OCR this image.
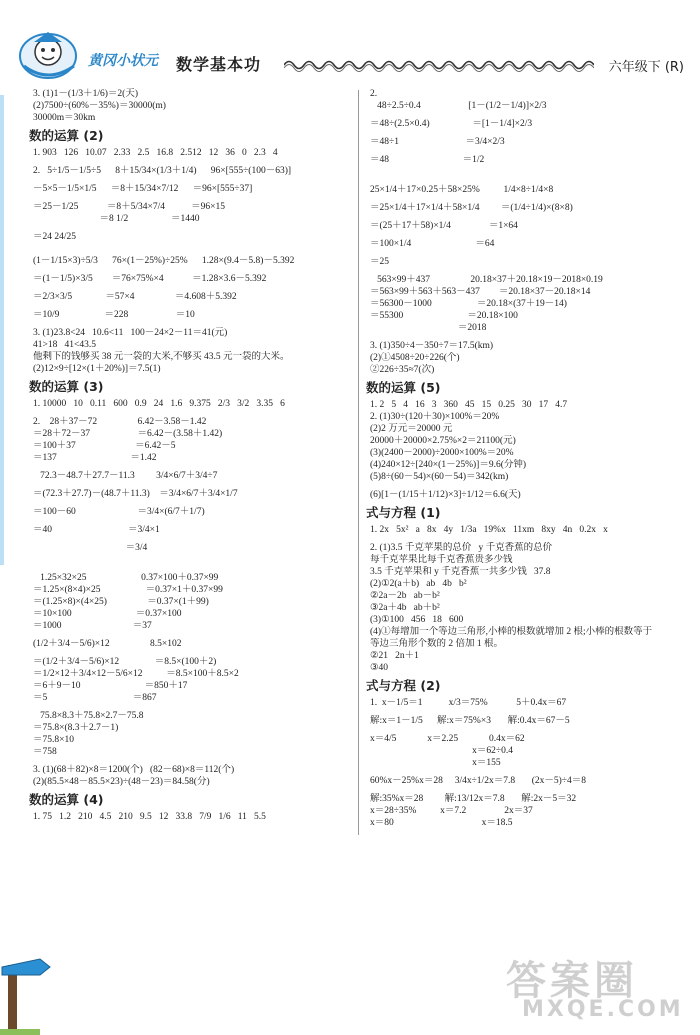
黄冈小状元 数学基本功	六年级下 (R)
3. (1)1－(1/3＋1/6)＝2(天)
(2)7500÷(60%－35%)＝30000(m)
30000m＝30km
数的运算 (2)
1. 903   126   10.07   2.33   2.5   16.8   2.512   12   36   0   2.3   4
2.   5÷1/5－1/5÷5      8＋15/34×(1/3＋1/4)      96×[555÷(100－63)]
－5×5－1/5×1/5      ＝8＋15/34×7/12      ＝96×[555÷37]
＝25－1/25            ＝8＋5/34×7/4           ＝96×15
＝8 1/2                  ＝1440
＝24 24/25
(1－1/15×3)÷5/3      76×(1－25%)÷25%      1.28×(9.4－5.8)－5.392
＝(1－1/5)×3/5        ＝76×75%×4            ＝1.28×3.6－5.392
＝2/3×3/5              ＝57×4                 ＝4.608＋5.392
＝10/9                   ＝228                    ＝10
3. (1)23.8<24   10.6<11   100－24×2－11＝41(元)
41>18   41<43.5
他剩下的钱够买 38 元一袋的大米,不够买 43.5 元一袋的大米。
(2)12×9÷[12×(1＋20%)]＝7.5(1)
数的运算 (3)
1. 10000   10   0.11   600   0.9   24   1.6   9.375   2/3   3/2   3.35   6
2.    28＋37－72                 6.42－3.58－1.42
＝28＋72－37                    ＝6.42－(3.58＋1.42)
＝100＋37                         ＝6.42－5
＝137                               ＝1.42
72.3－48.7＋27.7－11.3         3/4×6/7＋3/4÷7
＝(72.3＋27.7)－(48.7＋11.3)    ＝3/4×6/7＋3/4×1/7
＝100－60                          ＝3/4×(6/7＋1/7)
＝40                                ＝3/4×1
＝3/4
1.25×32×25                       0.37×100＋0.37×99
＝1.25×(8×4)×25                   ＝0.37×1＋0.37×99
＝(1.25×8)×(4×25)                 ＝0.37×(1＋99)
＝10×100                           ＝0.37×100
＝1000                              ＝37
(1/2＋3/4－5/6)×12                 8.5×102
＝(1/2＋3/4－5/6)×12               ＝8.5×(100＋2)
＝1/2×12＋3/4×12－5/6×12          ＝8.5×100＋8.5×2
＝6＋9－10                           ＝850＋17
＝5                                    ＝867
75.8×8.3＋75.8×2.7－75.8
＝75.8×(8.3＋2.7－1)
＝75.8×10
＝758
3. (1)(68＋82)×8＝1200(个)   (82－68)×8＝112(个)
(2)(85.5×48－85.5×23)÷(48－23)＝84.58(分)
数的运算 (4)
1. 75   1.2   210   4.5   210   9.5   12   33.8   7/9   1/6   11   5.5
2.
48÷2.5÷0.4                    [1－(1/2－1/4)]×2/3
＝48÷(2.5×0.4)                  ＝[1－1/4]×2/3
＝48÷1                            ＝3/4×2/3
＝48                               ＝1/2
25×1/4＋17×0.25＋58×25%          1/4×8÷1/4×8
＝25×1/4＋17×1/4＋58×1/4         ＝(1/4÷1/4)×(8×8)
＝(25＋17＋58)×1/4                ＝1×64
＝100×1/4                           ＝64
＝25
563×99＋437                 20.18×37＋20.18×19－2018×0.19
＝563×99＋563＋563－437        ＝20.18×37－20.18×14
＝56300－1000                   ＝20.18×(37＋19－14)
＝55300                           ＝20.18×100
＝2018
3. (1)350÷4－350÷7＝17.5(km)
(2)①4508÷20÷226(个)
②226÷35≈7(次)
数的运算 (5)
1. 2   5   4   16   3   360   45   15   0.25   30   17   4.7
2. (1)30÷(120＋30)×100%＝20%
(2)2 万元＝20000 元
20000＋20000×2.75%×2＝21100(元)
(3)(2400－2000)÷2000×100%＝20%
(4)240×12÷[240×(1－25%)]＝9.6(分钟)
(5)8÷(60－54)×(60－54)＝342(km)
(6)[1－(1/15＋1/12)×3]÷1/12＝6.6(天)
式与方程 (1)
1. 2x   5x²   a   8x   4y   1/3a   19%x   11xm   8xy   4n   0.2x   x
2. (1)3.5 千克苹果的总价   y 千克香蕉的总价
每千克苹果比每千克香蕉贵多少钱
3.5 千克苹果和 y 千克香蕉一共多少钱   37.8
(2)①2(a＋b)   ab   4b   b²
②2a－2b   ab－b²
③2a＋4b   ab＋b²
(3)①100   456   18   600
(4)①每增加一个等边三角形,小棒的根数就增加 2 根;小棒的根数等于
等边三角形个数的 2 倍加 1 根。
②21   2n＋1
③40
式与方程 (2)
1.  x－1/5＝1           x/3＝75%            5＋0.4x＝67
解:x＝1－1/5      解:x＝75%×3       解:0.4x＝67－5
x＝4/5             x＝2.25             0.4x＝62
x＝62÷0.4
x＝155
60%x－25%x＝28     3/4x÷1/2x＝7.8       (2x－5)÷4＝8
解:35%x＝28         解:13/12x＝7.8       解:2x－5＝32
x＝28÷35%          x＝7.2                2x＝37
x＝80                                     x＝18.5
答案圈
MXQE.COM
